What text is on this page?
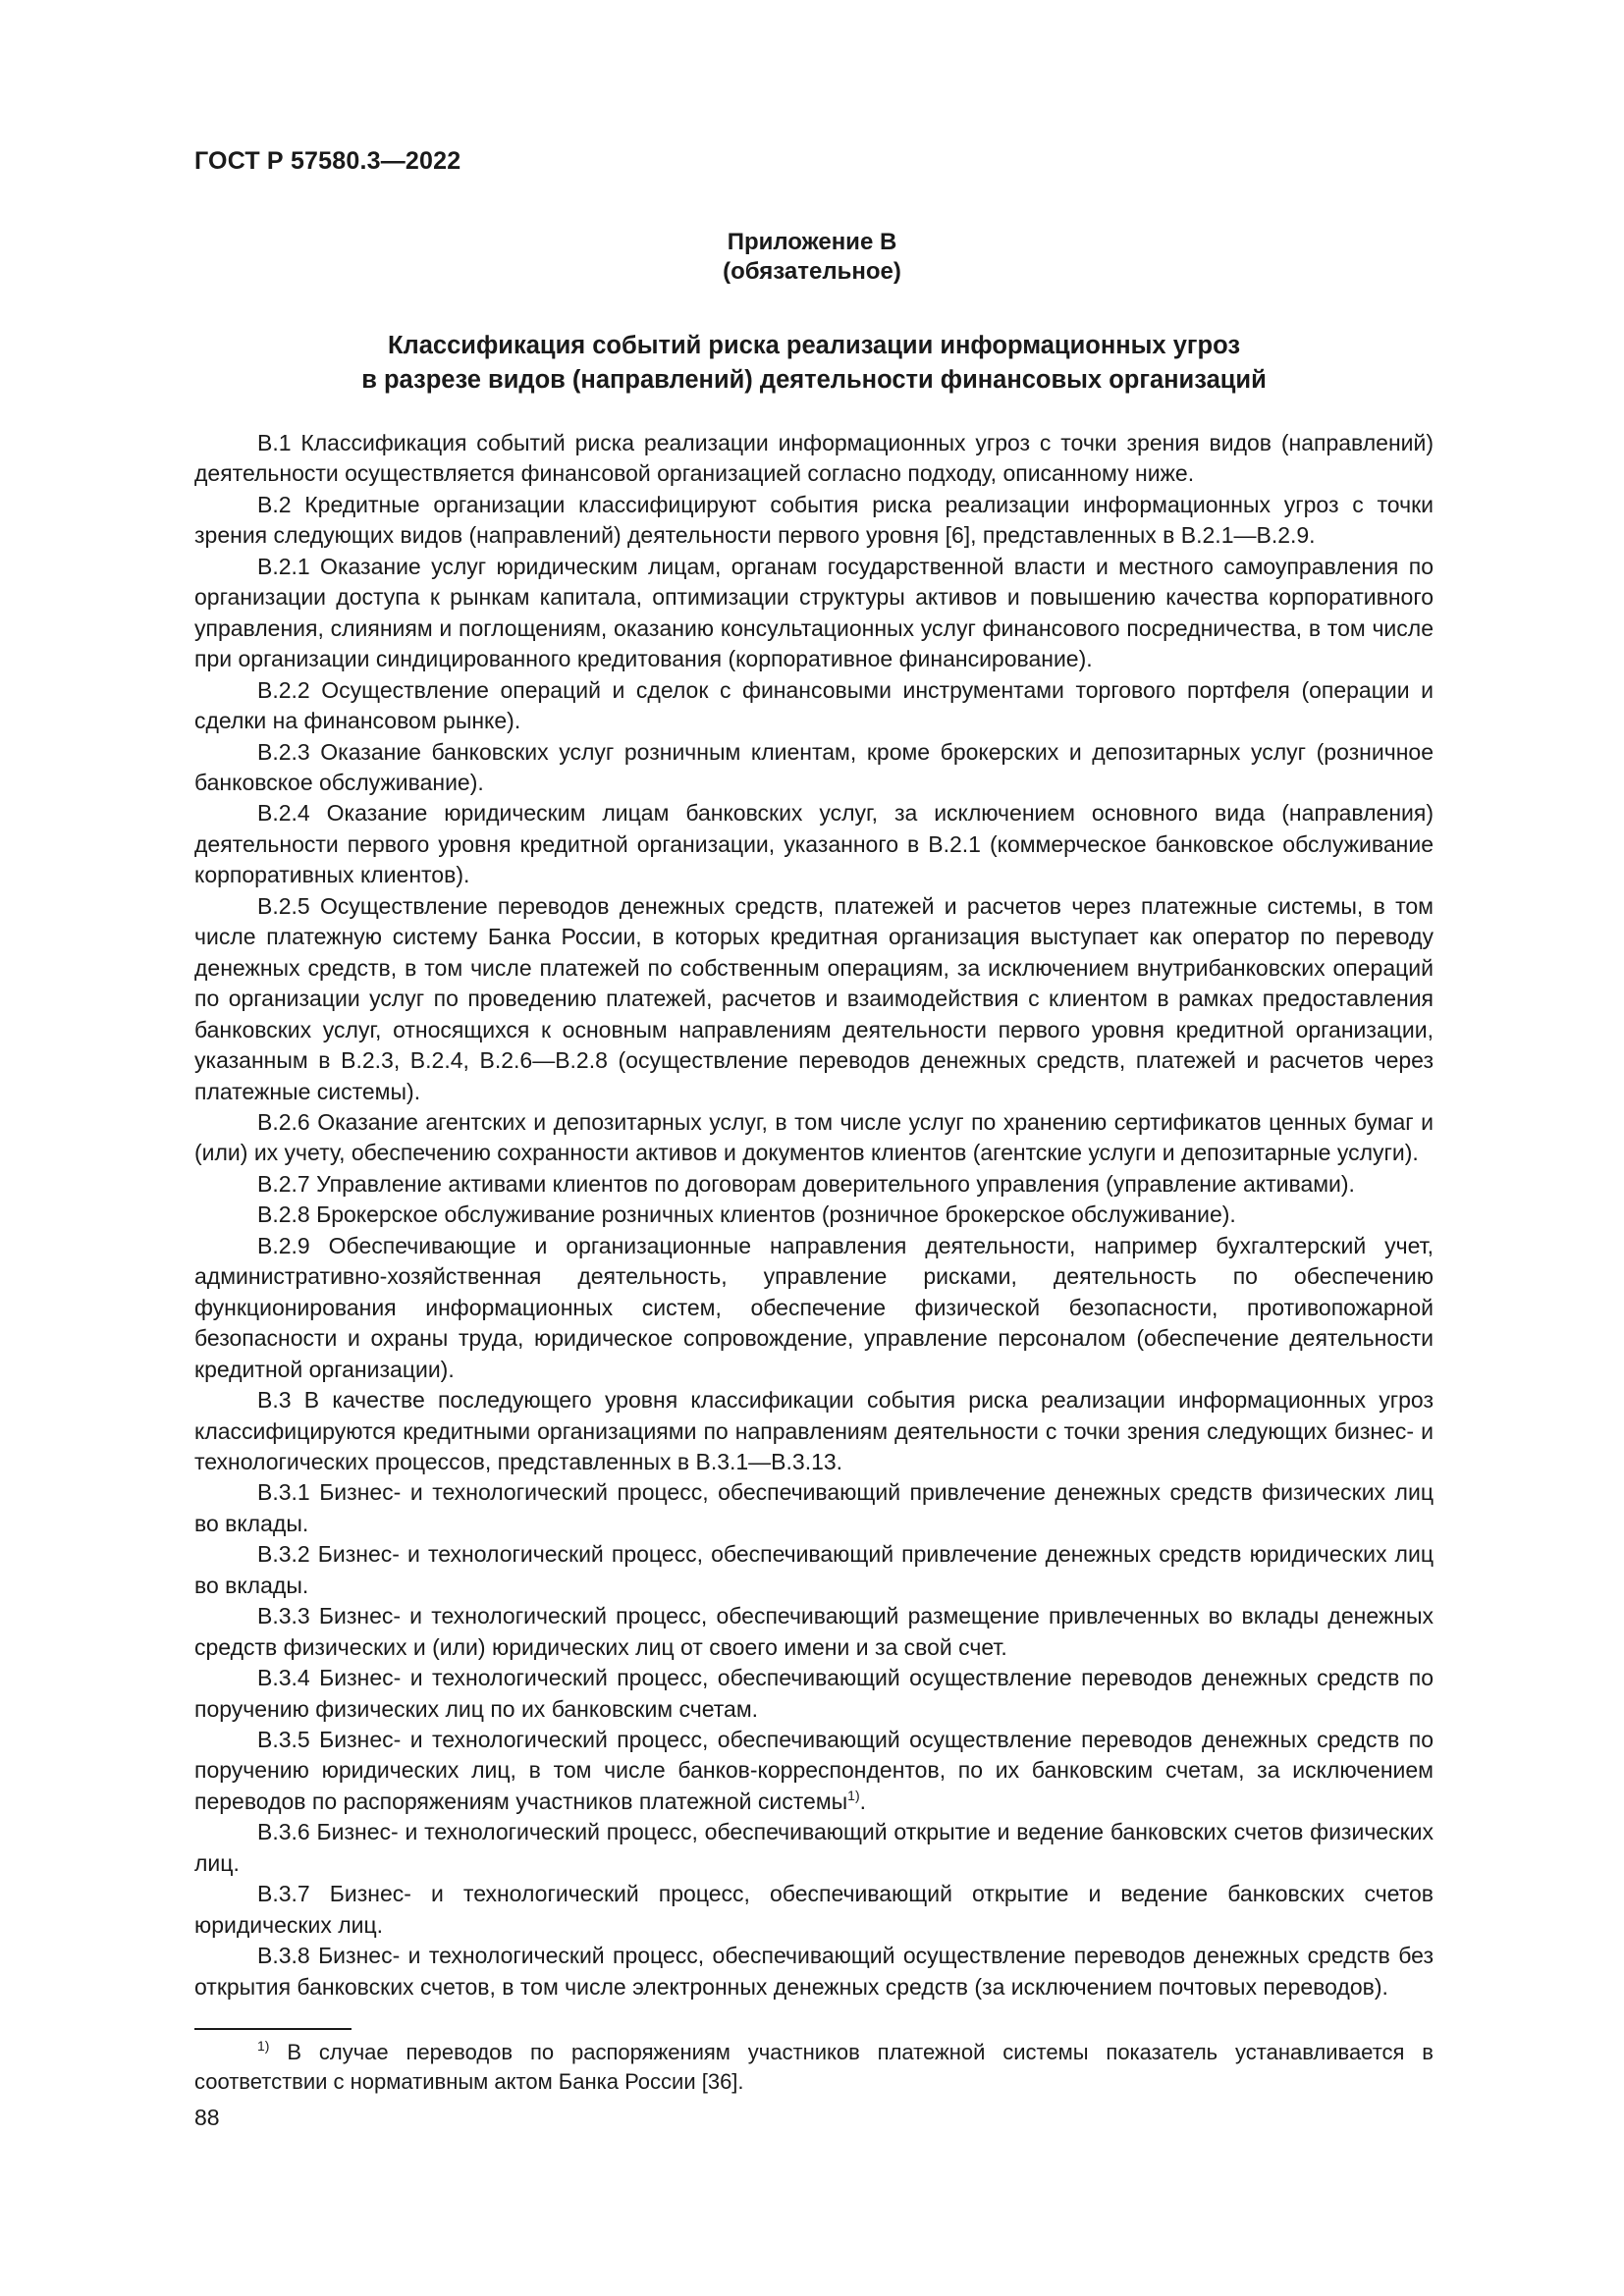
ГОСТ Р 57580.3—2022
Приложение В
(обязательное)
Классификация событий риска реализации информационных угроз
в разрезе видов (направлений) деятельности финансовых организаций

В.1 Классификация событий риска реализации информационных угроз с точки зрения видов (направлений) деятельности осуществляется финансовой организацией согласно подходу, описанному ниже.

В.2 Кредитные организации классифицируют события риска реализации информационных угроз с точки зрения следующих видов (направлений) деятельности первого уровня [6], представленных в В.2.1—В.2.9.

В.2.1 Оказание услуг юридическим лицам, органам государственной власти и местного самоуправления по организации доступа к рынкам капитала, оптимизации структуры активов и повышению качества корпоративного управления, слияниям и поглощениям, оказанию консультационных услуг финансового посредничества, в том числе при организации синдицированного кредитования (корпоративное финансирование).

В.2.2 Осуществление операций и сделок с финансовыми инструментами торгового портфеля (операции и сделки на финансовом рынке).

В.2.3 Оказание банковских услуг розничным клиентам, кроме брокерских и депозитарных услуг (розничное банковское обслуживание).

В.2.4 Оказание юридическим лицам банковских услуг, за исключением основного вида (направления) деятельности первого уровня кредитной организации, указанного в В.2.1 (коммерческое банковское обслуживание корпоративных клиентов).

В.2.5 Осуществление переводов денежных средств, платежей и расчетов через платежные системы, в том числе платежную систему Банка России, в которых кредитная организация выступает как оператор по переводу денежных средств, в том числе платежей по собственным операциям, за исключением внутрибанковских операций по организации услуг по проведению платежей, расчетов и взаимодействия с клиентом в рамках предоставления банковских услуг, относящихся к основным направлениям деятельности первого уровня кредитной организации, указанным в В.2.3, В.2.4, В.2.6—В.2.8 (осуществление переводов денежных средств, платежей и расчетов через платежные системы).

В.2.6 Оказание агентских и депозитарных услуг, в том числе услуг по хранению сертификатов ценных бумаг и (или) их учету, обеспечению сохранности активов и документов клиентов (агентские услуги и депозитарные услуги).

В.2.7 Управление активами клиентов по договорам доверительного управления (управление активами).

В.2.8 Брокерское обслуживание розничных клиентов (розничное брокерское обслуживание).

В.2.9 Обеспечивающие и организационные направления деятельности, например бухгалтерский учет, административно-хозяйственная деятельность, управление рисками, деятельность по обеспечению функционирования информационных систем, обеспечение физической безопасности, противопожарной безопасности и охраны труда, юридическое сопровождение, управление персоналом (обеспечение деятельности кредитной организации).

В.3 В качестве последующего уровня классификации события риска реализации информационных угроз классифицируются кредитными организациями по направлениям деятельности с точки зрения следующих бизнес- и технологических процессов, представленных в В.3.1—В.3.13.

В.3.1 Бизнес- и технологический процесс, обеспечивающий привлечение денежных средств физических лиц во вклады.

В.3.2 Бизнес- и технологический процесс, обеспечивающий привлечение денежных средств юридических лиц во вклады.

В.3.3 Бизнес- и технологический процесс, обеспечивающий размещение привлеченных во вклады денежных средств физических и (или) юридических лиц от своего имени и за свой счет.

В.3.4 Бизнес- и технологический процесс, обеспечивающий осуществление переводов денежных средств по поручению физических лиц по их банковским счетам.

В.3.5 Бизнес- и технологический процесс, обеспечивающий осуществление переводов денежных средств по поручению юридических лиц, в том числе банков-корреспондентов, по их банковским счетам, за исключением переводов по распоряжениям участников платежной системы$^{1)}$.

В.3.6 Бизнес- и технологический процесс, обеспечивающий открытие и ведение банковских счетов физических лиц.

В.3.7 Бизнес- и технологический процесс, обеспечивающий открытие и ведение банковских счетов юридических лиц.

В.3.8 Бизнес- и технологический процесс, обеспечивающий осуществление переводов денежных средств без открытия банковских счетов, в том числе электронных денежных средств (за исключением почтовых переводов).

$^{1)}$ В случае переводов по распоряжениям участников платежной системы показатель устанавливается в соответствии с нормативным актом Банка России [36].
88
